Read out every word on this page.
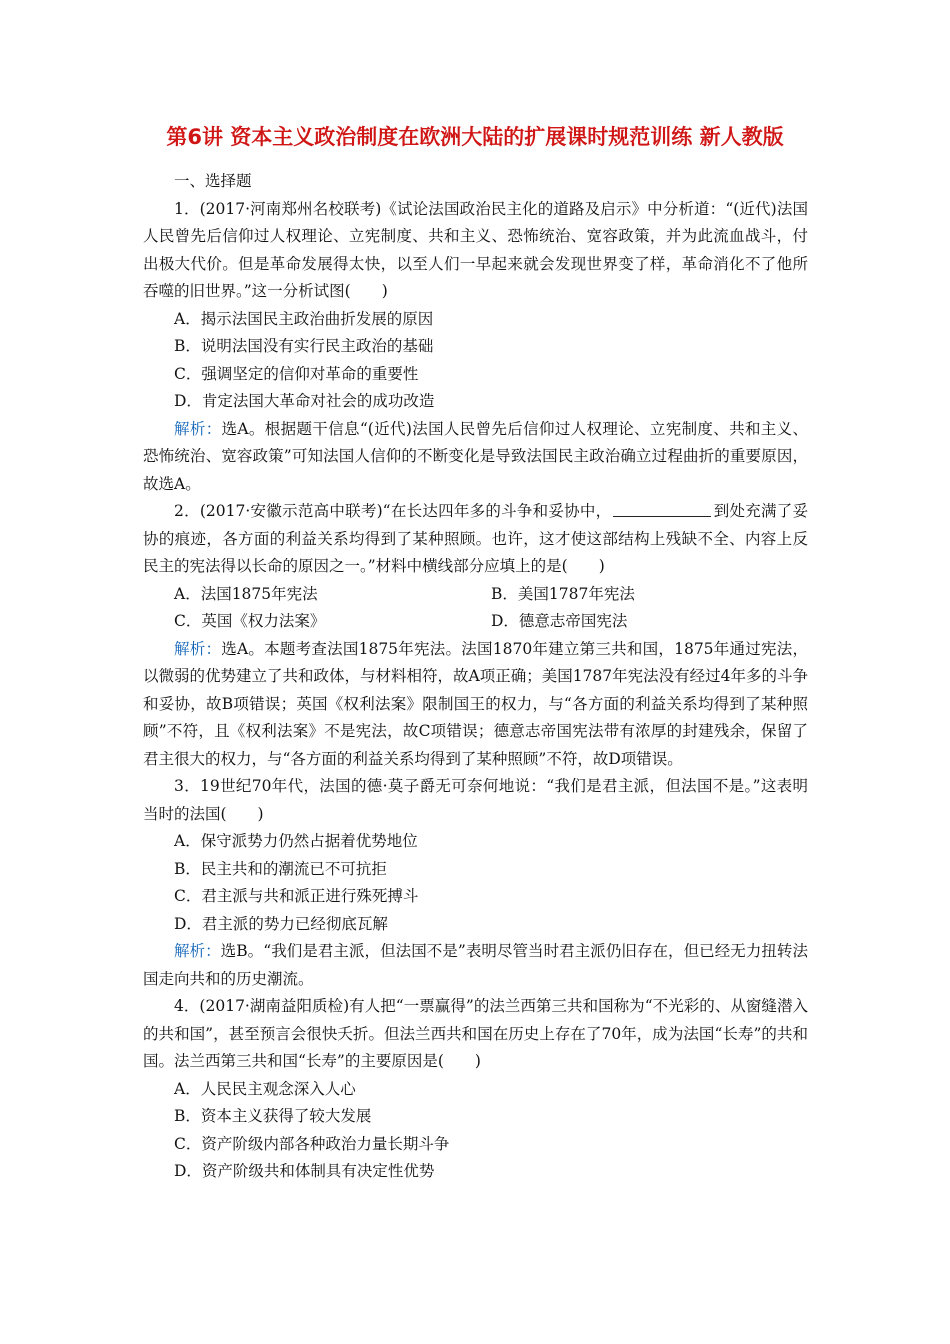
第6讲 资本主义政治制度在欧洲大陆的扩展课时规范训练 新人教版

一、选择题

1．(2017·河南郑州名校联考)《试论法国政治民主化的道路及启示》中分析道：“(近代)法国人民曾先后信仰过人权理论、立宪制度、共和主义、恐怖统治、宽容政策，并为此流血战斗，付出极大代价。但是革命发展得太快，以至人们一早起来就会发现世界变了样，革命消化不了他所吞噬的旧世界。”这一分析试图(　　)

A．揭示法国民主政治曲折发展的原因

B．说明法国没有实行民主政治的基础

C．强调坚定的信仰对革命的重要性

D．肯定法国大革命对社会的成功改造

解析：选A。根据题干信息“(近代)法国人民曾先后信仰过人权理论、立宪制度、共和主义、恐怖统治、宽容政策”可知法国人信仰的不断变化是导致法国民主政治确立过程曲折的重要原因，故选A。

2．(2017·安徽示范高中联考)“在长达四年多的斗争和妥协中，	到处充满了妥协的痕迹，各方面的利益关系均得到了某种照顾。也许，这才使这部结构上残缺不全、内容上反民主的宪法得以长命的原因之一。”材料中横线部分应填上的是(　　)

A．法国1875年宪法	B．美国1787年宪法
C．英国《权力法案》	D．德意志帝国宪法

解析：选A。本题考查法国1875年宪法。法国1870年建立第三共和国，1875年通过宪法，以微弱的优势建立了共和政体，与材料相符，故A项正确；美国1787年宪法没有经过4年多的斗争和妥协，故B项错误；英国《权利法案》限制国王的权力，与“各方面的利益关系均得到了某种照顾”不符，且《权利法案》不是宪法，故C项错误；德意志帝国宪法带有浓厚的封建残余，保留了君主很大的权力，与“各方面的利益关系均得到了某种照顾”不符，故D项错误。

3．19世纪70年代，法国的德·莫子爵无可奈何地说：“我们是君主派，但法国不是。”这表明当时的法国(　　)

A．保守派势力仍然占据着优势地位

B．民主共和的潮流已不可抗拒

C．君主派与共和派正进行殊死搏斗

D．君主派的势力已经彻底瓦解

解析：选B。“我们是君主派，但法国不是”表明尽管当时君主派仍旧存在，但已经无力扭转法国走向共和的历史潮流。

4．(2017·湖南益阳质检)有人把“一票赢得”的法兰西第三共和国称为“不光彩的、从窗缝潜入的共和国”，甚至预言会很快夭折。但法兰西共和国在历史上存在了70年，成为法国“长寿”的共和国。法兰西第三共和国“长寿”的主要原因是(　　)

A．人民民主观念深入人心

B．资本主义获得了较大发展

C．资产阶级内部各种政治力量长期斗争

D．资产阶级共和体制具有决定性优势
